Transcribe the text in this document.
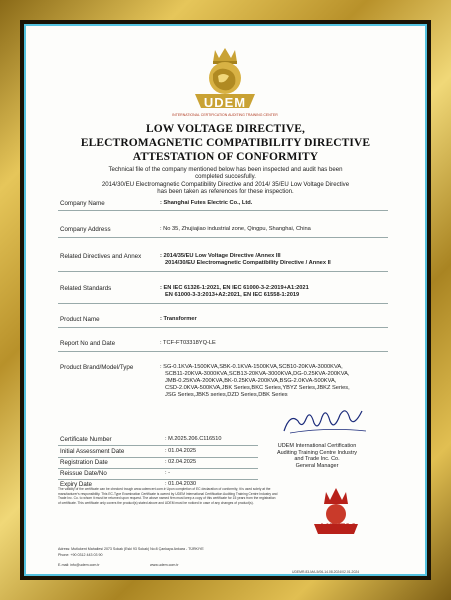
UDEM
INTERNATIONAL CERTIFICATION AUDITING TRAINING CENTER
LOW VOLTAGE DIRECTIVE,
ELECTROMAGNETIC COMPATIBILITY DIRECTIVE
ATTESTATION OF CONFORMITY
Technical file of the company mentioned below has been inspected and audit has been
completed succesfully.
2014/30/EU Electromagnetic Compatibility Directive and 2014/ 35/EU Low Voltage Directive
has been taken as references for these inspection.
Company Name	: Shanghai Futes Electric Co., Ltd.
Company Address	: No 35, Zhujiajiao industrial zone, Qingpu, Shanghai, China
Related Directives and Annex	: 2014/35/EU Low Voltage Directive /Annex III
2014/30/EU Electromagnetic Compatibility Directive / Annex II
Related Standards	: EN IEC 61326-1:2021, EN IEC 61000-3-2:2019+A1:2021
EN 61000-3-3:2013+A2:2021, EN IEC 61558-1:2019
Product Name	: Transformer
Report No and Date	: TCF-FT03318YQ-LE
Product Brand/Model/Type	: SG-0.1KVA-1500KVA,SBK-0.1KVA-1500KVA,SCB10-20KVA-3000KVA,
SCB11-20KVA-3000KVA,SCB13-20KVA-3000KVA,DG-0.25KVA-200KVA,
JMB-0.25KVA-200KVA,BK-0.25KVA-200KVA,BSG-2.0KVA-500KVA,
CSD-2.0KVA-500KVA,JBK Series,BKC Series,YBYZ Series,JBKZ Series,
JSG Series,JBK5 series,DZD Series,DBK Series
Certificate Number	: M.2025.206.C116510
Initial Assessment Date	: 01.04.2025
Registration Date	: 02.04.2025
Reissue Date/No	: -
Expiry Date	: 01.04.2030
UDEM International Certification
Auditing Training Centre Industry
and Trade Inc. Co.
General Manager
The validity of the certificate can be checked trough www.udemcert.com.tr Upon completion of EC declaration of conformity, it is used solely at the manufacturer's responsibility. This EC-Type Examination Certificate is owned by UDEM International Certification Auditing Training Centre Industry and Trade Inc. Co. to whom it must be returned upon request. The above named firm must keep a copy of this certificate for 15 years from the registration of certificate. This certificate only covers the product(s) stated above and UDEM must be noticed in case of any changes of product(s).
UDEM
Adress: Mutlukent Mahallesi 2073 Sokak (Eski 93 Sokak) No:8 Çankaya Ankara - TÜRKIYE
Phone: +90 0312 443 03 90
E-mail: info@udem.com.tr	www.udem.com.tr
UDEMR.83-MA-5/06-14.08.2024/02.01.2024
